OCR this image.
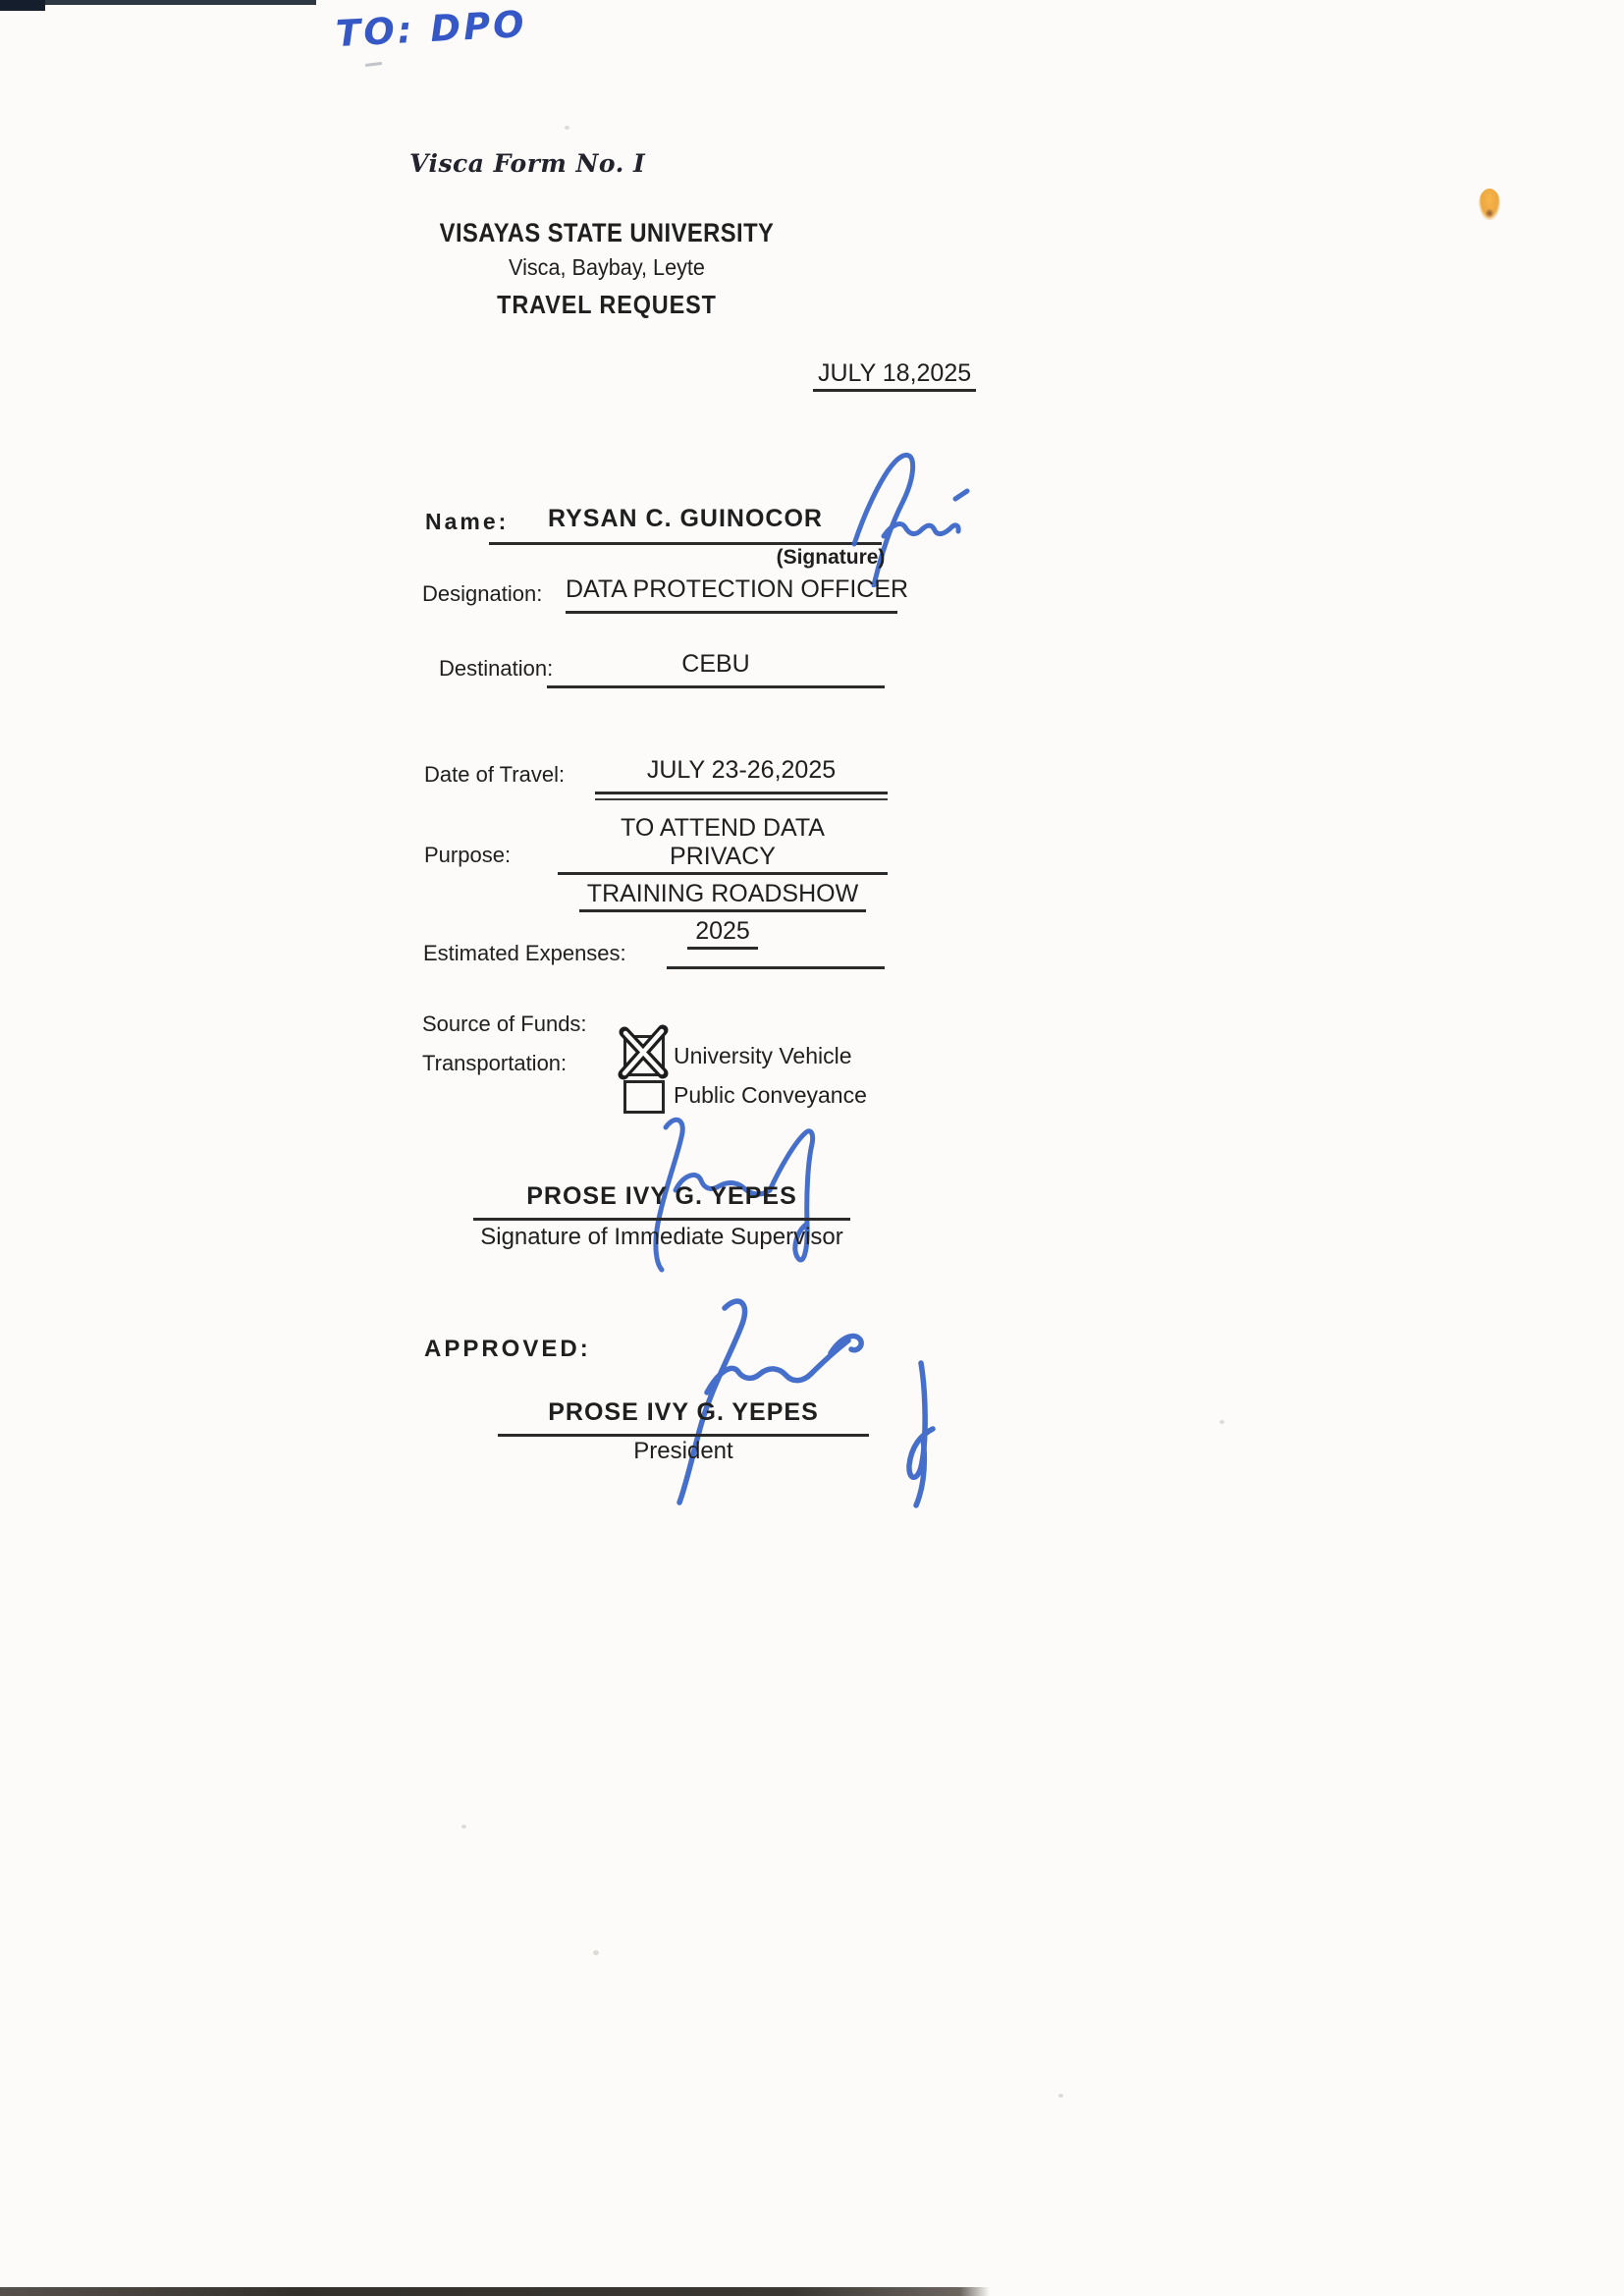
TO: DPO
Visca Form No. I
VISAYAS STATE UNIVERSITY
Visca, Baybay, Leyte
TRAVEL REQUEST
JULY 18,2025
Name:	RYSAN C. GUINOCOR
(Signature)
Designation: DATA PROTECTION OFFICER
Destination:	CEBU
Date of Travel:	JULY 23-26,2025
Purpose:
TO ATTEND DATA PRIVACY
TRAINING ROADSHOW
2025
Estimated Expenses:
Source of Funds:
Transportation:	University Vehicle
Public Conveyance
PROSE IVY G. YEPES
Signature of Immediate Supervisor
APPROVED:
PROSE IVY G. YEPES
President
